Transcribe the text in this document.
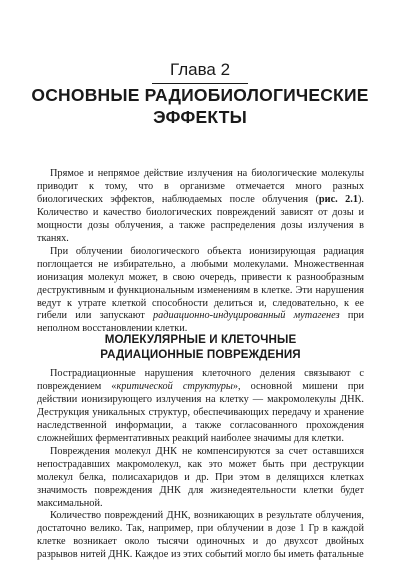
Глава 2
ОСНОВНЫЕ РАДИОБИОЛОГИЧЕСКИЕ
ЭФФЕКТЫ

Прямое и непрямое действие излучения на биологические молекулы приводит к тому, что в организме отмечается много разных биологических эффектов, наблюдаемых после облучения (рис. 2.1). Количество и качество биологических повреждений зависят от дозы и мощности дозы облучения, а также распределения дозы излучения в тканях.

При облучении биологического объекта ионизирующая радиация поглощается не избирательно, а любыми молекулами. Множественная ионизация молекул может, в свою очередь, привести к разнообразным деструктивным и функциональным изменениям в клетке. Эти нарушения ведут к утрате клеткой способности делиться и, следовательно, к ее гибели или запускают радиационно-индуцированный мутагенез при неполном восстановлении клетки.

МОЛЕКУЛЯРНЫЕ И КЛЕТОЧНЫЕ
РАДИАЦИОННЫЕ ПОВРЕЖДЕНИЯ

Пострадиационные нарушения клеточного деления связывают с повреждением «критической структуры», основной мишени при действии ионизирующего излучения на клетку — макромолекулы ДНК. Деструкция уникальных структур, обеспечивающих передачу и хранение наследственной информации, а также согласованного прохождения сложнейших ферментативных реакций наиболее значимы для клетки.

Повреждения молекул ДНК не компенсируются за счет оставшихся непострадавших макромолекул, как это может быть при деструкции молекул белка, полисахаридов и др. При этом в делящихся клетках значимость повреждения ДНК для жизнедеятельности клетки будет максимальной.

Количество повреждений ДНК, возникающих в результате облучения, достаточно велико. Так, например, при облучении в дозе 1 Гр в каждой клетке возникает около тысячи одиночных и до двухсот двойных разрывов нитей ДНК. Каждое из этих событий могло бы иметь фатальные
